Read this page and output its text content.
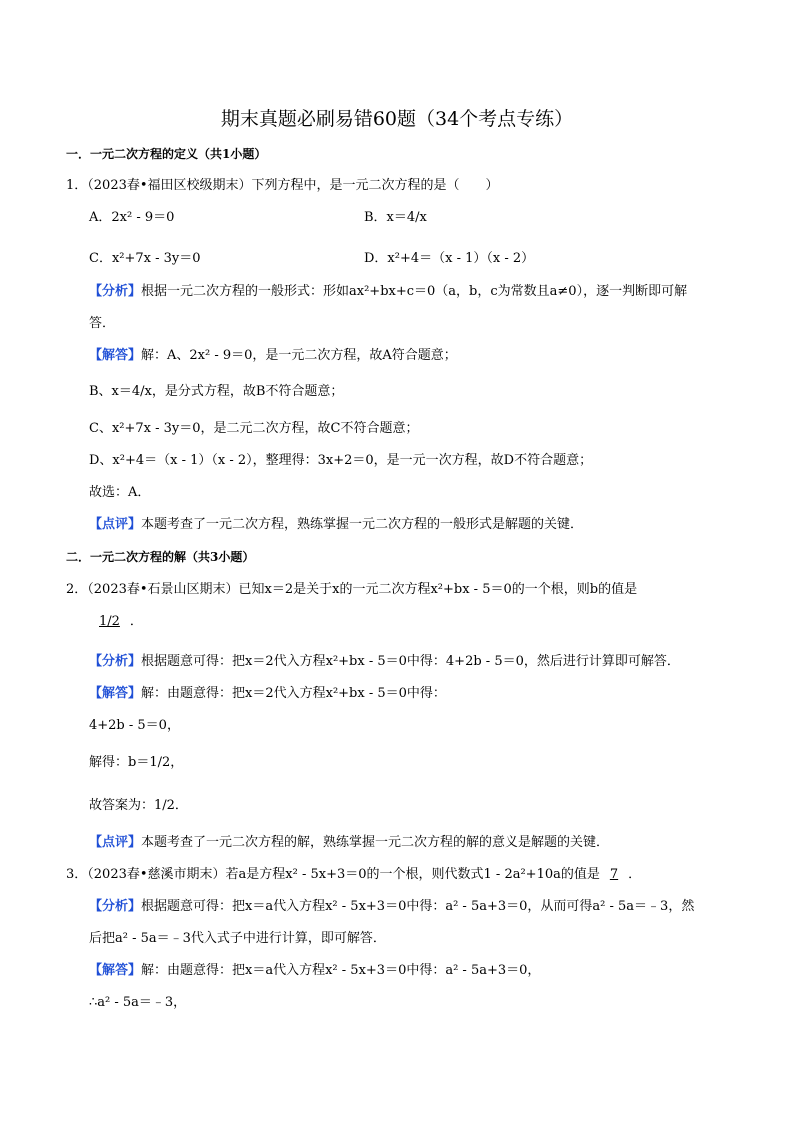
期末真题必刷易错60题（34个考点专练）
一．一元二次方程的定义（共1小题）
1．（2023春•福田区校级期末）下列方程中，是一元二次方程的是（　　）
A．2x² - 9＝0	B．x＝4/x
C．x²+7x - 3y＝0	D．x²+4＝（x - 1）（x - 2）
【分析】根据一元二次方程的一般形式：形如ax²+bx+c＝0（a，b，c为常数且a≠0），逐一判断即可解
答．
【解答】解：A、2x² - 9＝0，是一元二次方程，故A符合题意；
B、x＝4/x，是分式方程，故B不符合题意；
C、x²+7x - 3y＝0，是二元二次方程，故C不符合题意；
D、x²+4＝（x - 1）（x - 2），整理得：3x+2＝0，是一元一次方程，故D不符合题意；
故选：A．
【点评】本题考查了一元二次方程，熟练掌握一元二次方程的一般形式是解题的关键．
二．一元二次方程的解（共3小题）
2．（2023春•石景山区期末）已知x＝2是关于x的一元二次方程x²+bx - 5＝0的一个根，则b的值是
1/2 ．
【分析】根据题意可得：把x＝2代入方程x²+bx - 5＝0中得：4+2b - 5＝0，然后进行计算即可解答．
【解答】解：由题意得：把x＝2代入方程x²+bx - 5＝0中得：
4+2b - 5＝0，
解得：b＝1/2，
故答案为：1/2．
【点评】本题考查了一元二次方程的解，熟练掌握一元二次方程的解的意义是解题的关键．
3．（2023春•慈溪市期末）若a是方程x² - 5x+3＝0的一个根，则代数式1 - 2a²+10a的值是 7 ．
【分析】根据题意可得：把x＝a代入方程x² - 5x+3＝0中得：a² - 5a+3＝0，从而可得a² - 5a＝﹣3，然
后把a² - 5a＝﹣3代入式子中进行计算，即可解答．
【解答】解：由题意得：把x＝a代入方程x² - 5x+3＝0中得：a² - 5a+3＝0，
∴a² - 5a＝﹣3，
